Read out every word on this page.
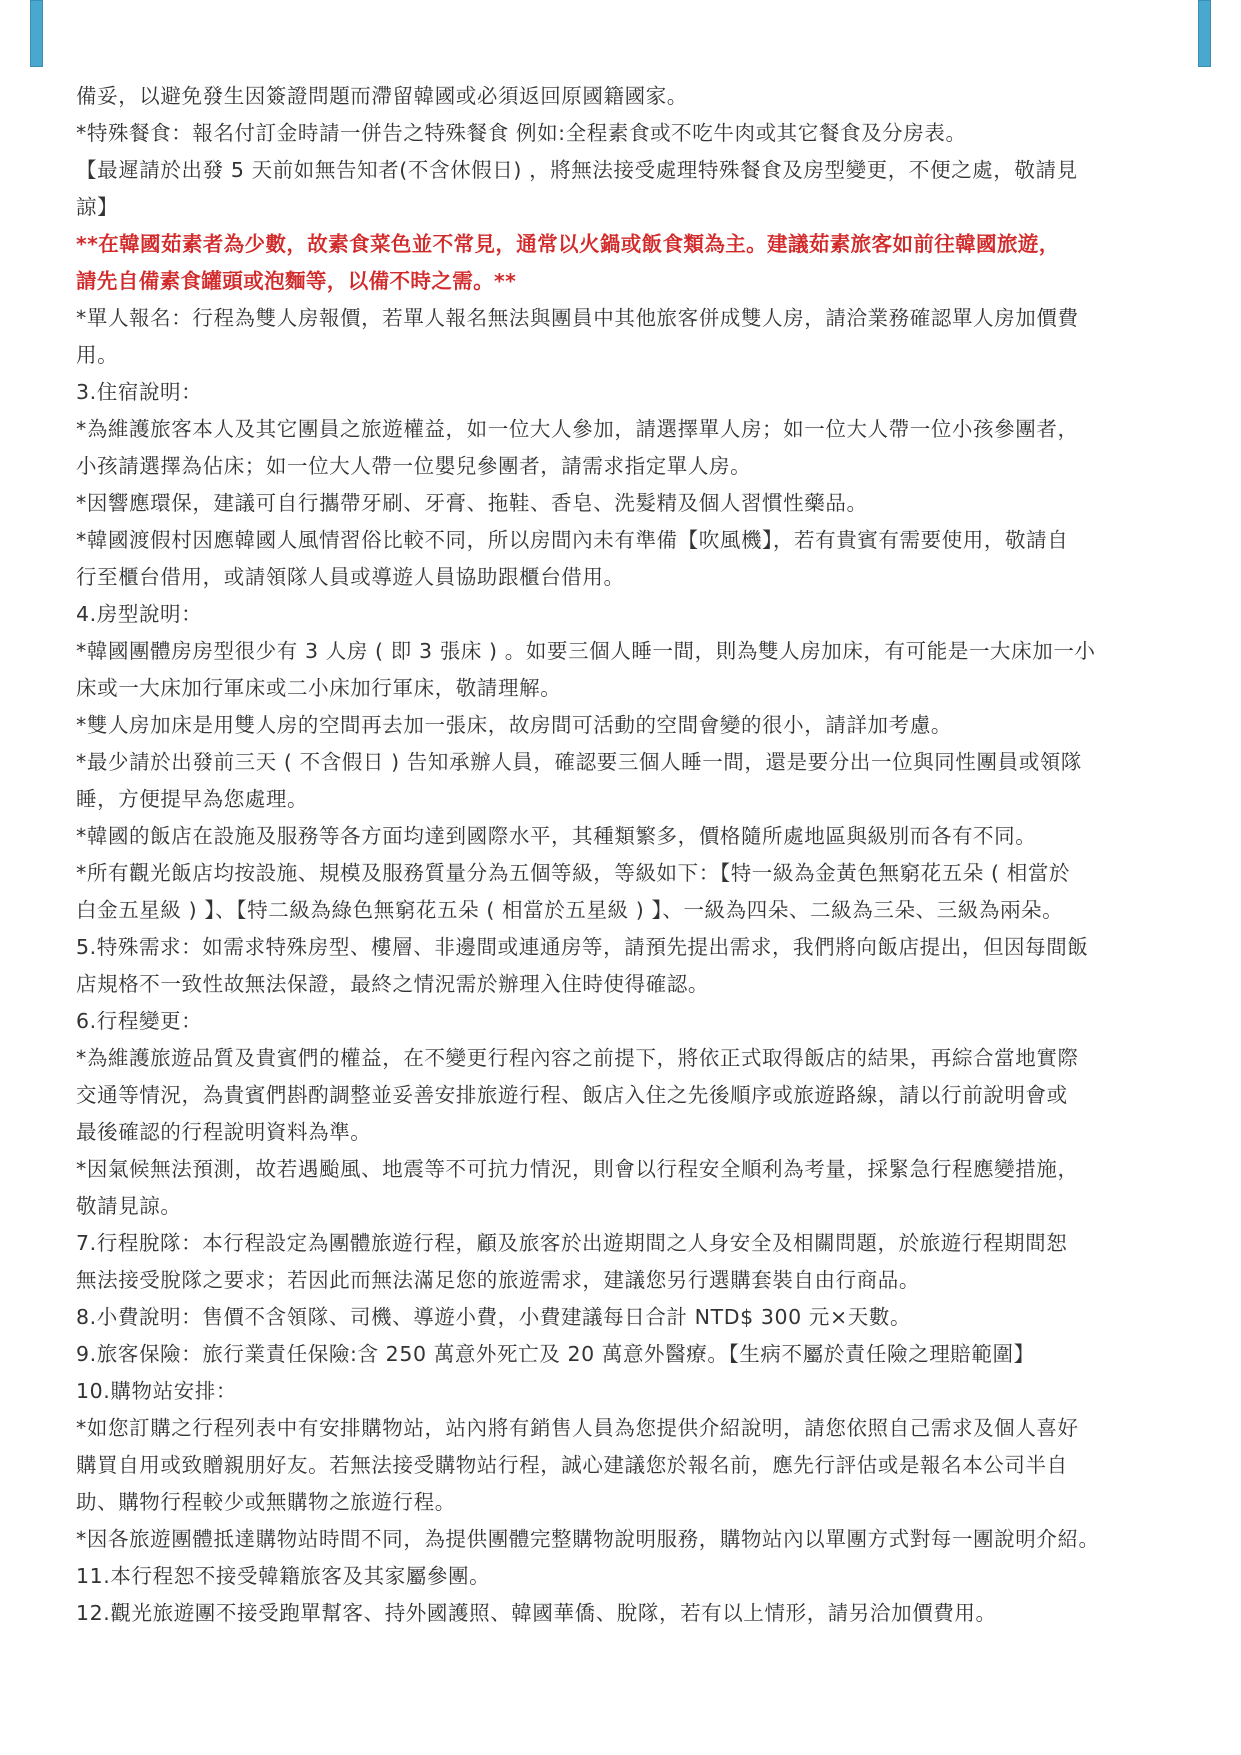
備妥，以避免發生因簽證問題而滯留韓國或必須返回原國籍國家。

*特殊餐食：報名付訂金時請一併告之特殊餐食 例如:全程素食或不吃牛肉或其它餐食及分房表。

【最遲請於出發 5 天前如無告知者(不含休假日) ，將無法接受處理特殊餐食及房型變更，不便之處，敬請見

諒】

**在韓國茹素者為少數，故素食菜色並不常見，通常以火鍋或飯食類為主。建議茹素旅客如前往韓國旅遊，

請先自備素食罐頭或泡麵等，以備不時之需。**

*單人報名：行程為雙人房報價，若單人報名無法與團員中其他旅客併成雙人房，請洽業務確認單人房加價費

用。

3.住宿說明：

*為維護旅客本人及其它團員之旅遊權益，如一位大人參加，請選擇單人房；如一位大人帶一位小孩參團者，

小孩請選擇為佔床；如一位大人帶一位嬰兒參團者，請需求指定單人房。

*因響應環保，建議可自行攜帶牙刷、牙膏、拖鞋、香皂、洗髮精及個人習慣性藥品。

*韓國渡假村因應韓國人風情習俗比較不同，所以房間內未有準備【吹風機】，若有貴賓有需要使用，敬請自

行至櫃台借用，或請領隊人員或導遊人員協助跟櫃台借用。

4.房型說明：

*韓國團體房房型很少有 3 人房 ( 即 3 張床 ) 。如要三個人睡一間，則為雙人房加床，有可能是一大床加一小

床或一大床加行軍床或二小床加行軍床，敬請理解。

*雙人房加床是用雙人房的空間再去加一張床，故房間可活動的空間會變的很小，請詳加考慮。

*最少請於出發前三天 ( 不含假日 ) 告知承辦人員，確認要三個人睡一間，還是要分出一位與同性團員或領隊

睡，方便提早為您處理。

*韓國的飯店在設施及服務等各方面均達到國際水平，其種類繁多，價格隨所處地區與級別而各有不同。

*所有觀光飯店均按設施、規模及服務質量分為五個等級，等級如下：【特一級為金黃色無窮花五朵 ( 相當於

白金五星級 ) 】、【特二級為綠色無窮花五朵 ( 相當於五星級 ) 】、一級為四朵、二級為三朵、三級為兩朵。

5.特殊需求：如需求特殊房型、樓層、非邊間或連通房等，請預先提出需求，我們將向飯店提出，但因每間飯

店規格不一致性故無法保證，最終之情況需於辦理入住時使得確認。

6.行程變更：

*為維護旅遊品質及貴賓們的權益，在不變更行程內容之前提下，將依正式取得飯店的結果，再綜合當地實際

交通等情況，為貴賓們斟酌調整並妥善安排旅遊行程、飯店入住之先後順序或旅遊路線，請以行前說明會或

最後確認的行程說明資料為準。

*因氣候無法預測，故若遇颱風、地震等不可抗力情況，則會以行程安全順利為考量，採緊急行程應變措施，

敬請見諒。

7.行程脫隊：本行程設定為團體旅遊行程，顧及旅客於出遊期間之人身安全及相關問題，於旅遊行程期間恕

無法接受脫隊之要求；若因此而無法滿足您的旅遊需求，建議您另行選購套裝自由行商品。

8.小費說明：售價不含領隊、司機、導遊小費，小費建議每日合計 NTD$ 300 元×天數。

9.旅客保險：旅行業責任保險:含 250 萬意外死亡及 20 萬意外醫療。【生病不屬於責任險之理賠範圍】

10.購物站安排：

*如您訂購之行程列表中有安排購物站，站內將有銷售人員為您提供介紹說明，請您依照自己需求及個人喜好

購買自用或致贈親朋好友。若無法接受購物站行程，誠心建議您於報名前，應先行評估或是報名本公司半自

助、購物行程較少或無購物之旅遊行程。

*因各旅遊團體抵達購物站時間不同，為提供團體完整購物說明服務，購物站內以單團方式對每一團說明介紹。

11.本行程恕不接受韓籍旅客及其家屬參團。

12.觀光旅遊團不接受跑單幫客、持外國護照、韓國華僑、脫隊，若有以上情形，請另洽加價費用。
